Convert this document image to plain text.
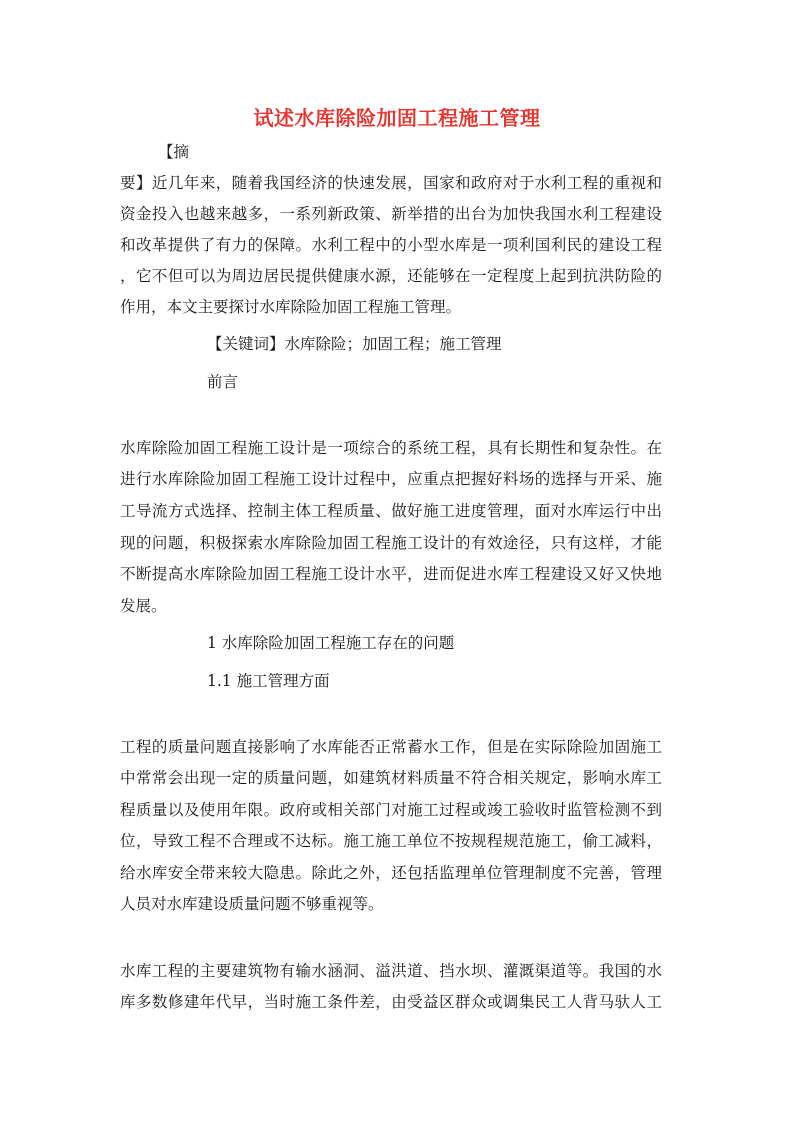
试述水库除险加固工程施工管理
【摘
要】近几年来，随着我国经济的快速发展，国家和政府对于水利工程的重视和
资金投入也越来越多，一系列新政策、新举措的出台为加快我国水利工程建设
和改革提供了有力的保障。水利工程中的小型水库是一项利国利民的建设工程
，它不但可以为周边居民提供健康水源，还能够在一定程度上起到抗洪防险的
作用，本文主要探讨水库除险加固工程施工管理。
【关键词】水库除险；加固工程；施工管理
前言
水库除险加固工程施工设计是一项综合的系统工程，具有长期性和复杂性。在
进行水库除险加固工程施工设计过程中，应重点把握好料场的选择与开采、施
工导流方式选择、控制主体工程质量、做好施工进度管理，面对水库运行中出
现的问题，积极探索水库除险加固工程施工设计的有效途径，只有这样，才能
不断提高水库除险加固工程施工设计水平，进而促进水库工程建设又好又快地
发展。
1 水库除险加固工程施工存在的问题
1.1 施工管理方面
工程的质量问题直接影响了水库能否正常蓄水工作，但是在实际除险加固施工
中常常会出现一定的质量问题，如建筑材料质量不符合相关规定，影响水库工
程质量以及使用年限。政府或相关部门对施工过程或竣工验收时监管检测不到
位，导致工程不合理或不达标。施工施工单位不按规程规范施工，偷工减料，
给水库安全带来较大隐患。除此之外，还包括监理单位管理制度不完善，管理
人员对水库建设质量问题不够重视等。
水库工程的主要建筑物有输水涵洞、溢洪道、挡水坝、灌溉渠道等。我国的水
库多数修建年代早，当时施工条件差，由受益区群众或调集民工人背马驮人工
